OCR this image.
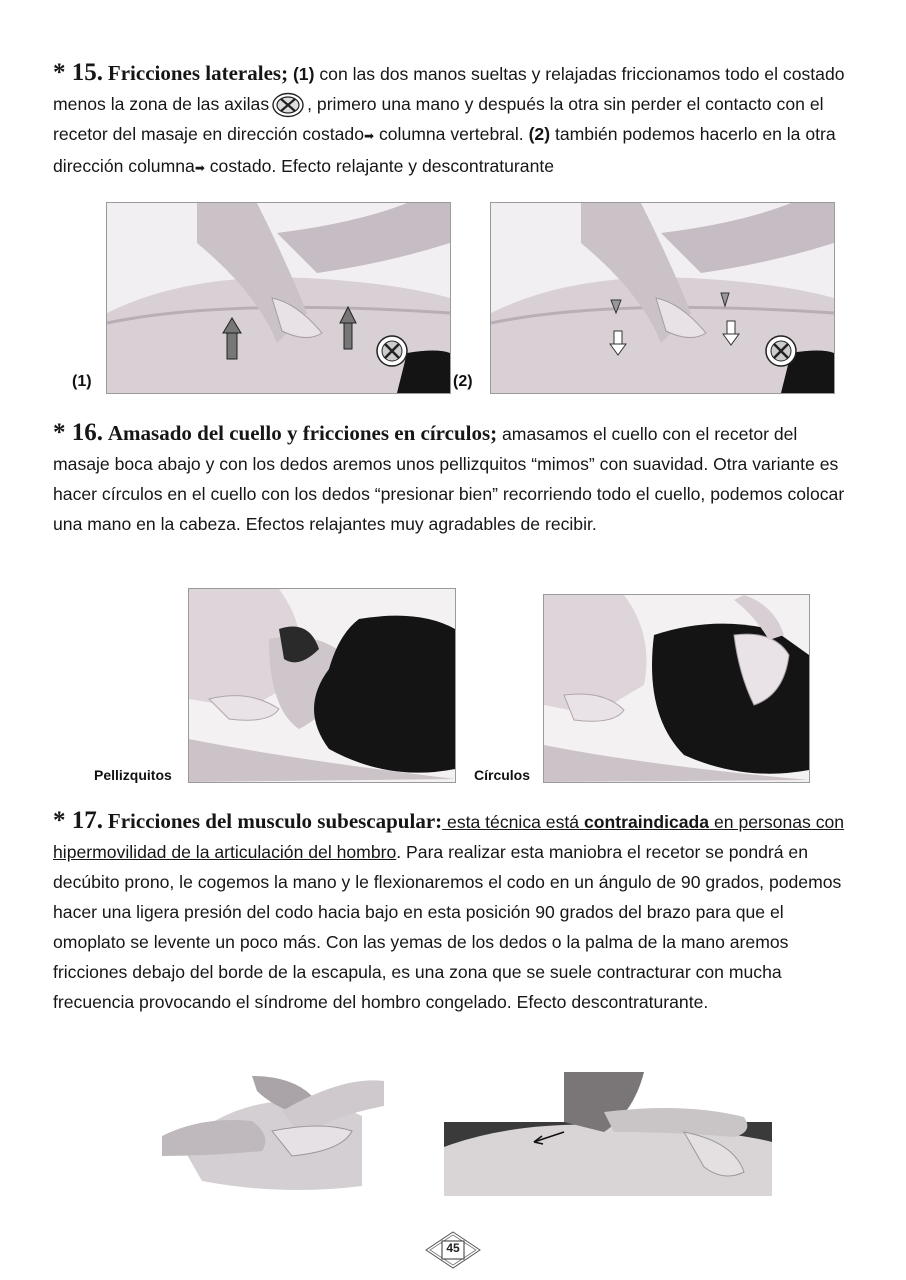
* 15. Fricciones laterales; (1) con las dos manos sueltas y relajadas friccionamos todo el costado menos la zona de las axilas , primero una mano y después la otra sin perder el contacto con el recetor del masaje en dirección costado➡ columna vertebral. (2) también podemos hacerlo en la otra dirección columna➡ costado. Efecto relajante y descontraturante
(1)	(2)
* 16. Amasado del cuello y fricciones en círculos; amasamos el cuello con el recetor del masaje boca abajo y con los dedos aremos unos pellizquitos “mimos” con suavidad. Otra variante es hacer círculos en el cuello con los dedos “presionar bien” recorriendo todo el cuello, podemos colocar una mano en la cabeza. Efectos relajantes muy agradables de recibir.
Pellizquitos	Círculos
* 17. Fricciones del musculo subescapular: esta técnica está contraindicada en personas con hipermovilidad de la articulación del hombro. Para realizar esta maniobra el recetor se pondrá en decúbito prono, le cogemos la mano y le flexionaremos el codo en un ángulo de 90 grados, podemos hacer una ligera presión del codo hacia bajo en esta posición 90 grados del brazo para que el omoplato se levente un poco más. Con las yemas de los dedos o la palma de la mano aremos fricciones debajo del borde de la escapula, es una zona que se suele contracturar con mucha frecuencia provocando el síndrome del hombro congelado. Efecto descontraturante.
45
